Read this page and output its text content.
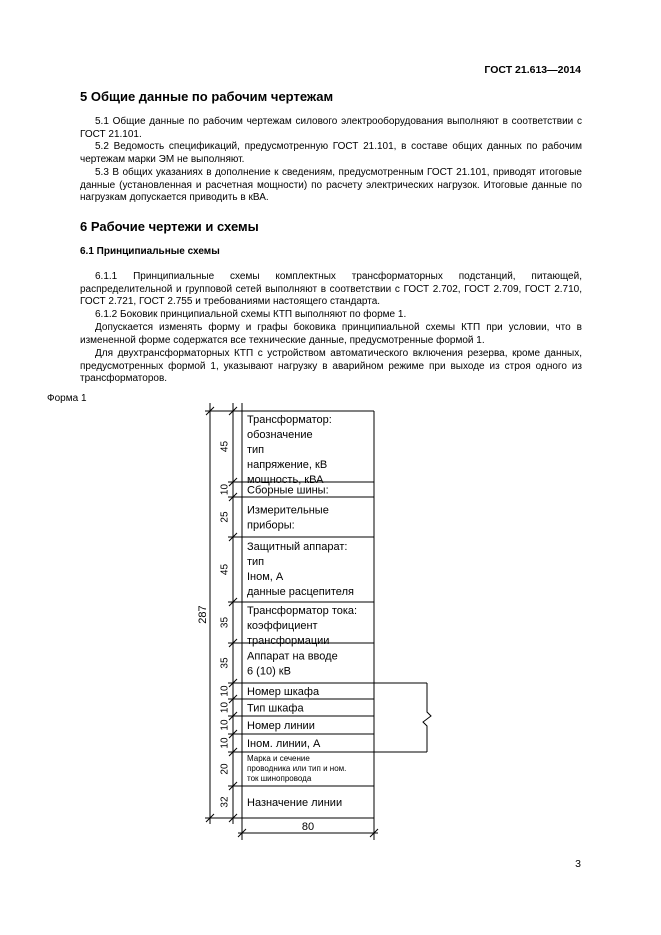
ГОСТ 21.613—2014
5 Общие данные по рабочим чертежам

5.1 Общие данные по рабочим чертежам силового электрооборудования выполняют в соответствии с ГОСТ 21.101.

5.2 Ведомость спецификаций, предусмотренную ГОСТ 21.101, в составе общих данных по рабочим чертежам марки ЭМ не выполняют.

5.3 В общих указаниях в дополнение к сведениям, предусмотренным ГОСТ 21.101, приводят итоговые данные (установленная и расчетная мощности) по расчету электрических нагрузок. Итоговые данные по нагрузкам допускается приводить в кВА.

6 Рабочие чертежи и схемы
6.1 Принципиальные схемы

6.1.1 Принципиальные схемы комплектных трансформаторных подстанций, питающей, распределительной и групповой сетей выполняют в соответствии с ГОСТ 2.702, ГОСТ 2.709, ГОСТ 2.710, ГОСТ 2.721, ГОСТ 2.755 и требованиями настоящего стандарта.

6.1.2 Боковик принципиальной схемы КТП выполняют по форме 1.

Допускается изменять форму и графы боковика принципиальной схемы КТП при условии, что в измененной форме содержатся все технические данные, предусмотренные формой 1.

Для двухтрансформаторных КТП с устройством автоматического включения резерва, кроме данных, предусмотренных формой 1, указывают нагрузку в аварийном режиме при выходе из строя одного из трансформаторов.

Форма 1
287
80
45
Трансформатор:
обозначение
тип
напряжение, кВ
мощность, кВА
10 Сборные шины:
25
Измерительные
приборы:
45
Защитный аппарат:
тип
Iном, А
данные расцепителя
35
Трансформатор тока:
коэффициент
трансформации
35
Аппарат на вводе
6 (10) кВ
10 Номер шкафа
10 Тип шкафа
10 Номер линии
10 Iном. линии, А
20
Марка и сечение
проводника или тип и ном.
ток шинопровода
32 Назначение линии
3
